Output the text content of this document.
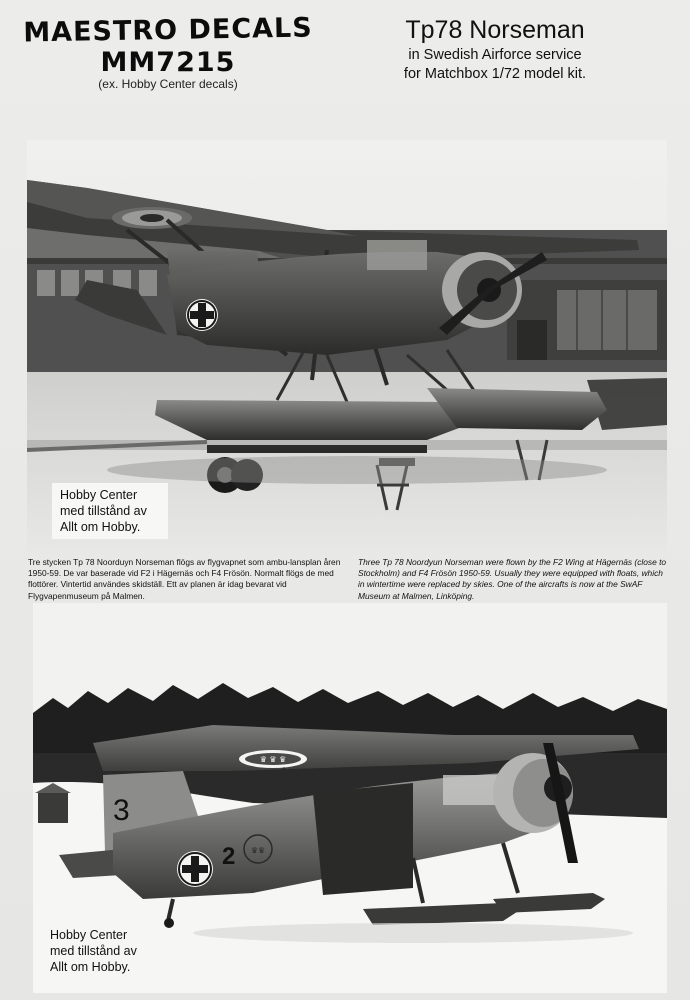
MAESTRO DECALS
MM7215
(ex. Hobby Center decals)
Tp78 Norseman
in Swedish Airforce service
for Matchbox 1/72 model kit.
Hobby Center
med tillstånd av
Allt om Hobby.
Tre stycken Tp 78 Noorduyn Norseman flögs av flygvapnet som ambu-lansplan åren 1950-59. De var baserade vid F2 i Hägernäs och F4 Frösön. Normalt flögs de med flottörer. Vintertid användes skidställ. Ett av planen är idag bevarat vid Flygvapenmuseum på Malmen.
Three Tp 78 Noordyun Norseman were flown by the F2 Wing at Hägernäs (close to Stockholm) and F4 Frösön 1950-59. Usually they were equipped with floats, which in wintertime were replaced by skies. One of the aircrafts is now at the SwAF Museum at Malmen, Linköping.
♛ ♛ ♛
♛♛
3
2
Hobby Center
med tillstånd av
Allt om Hobby.
